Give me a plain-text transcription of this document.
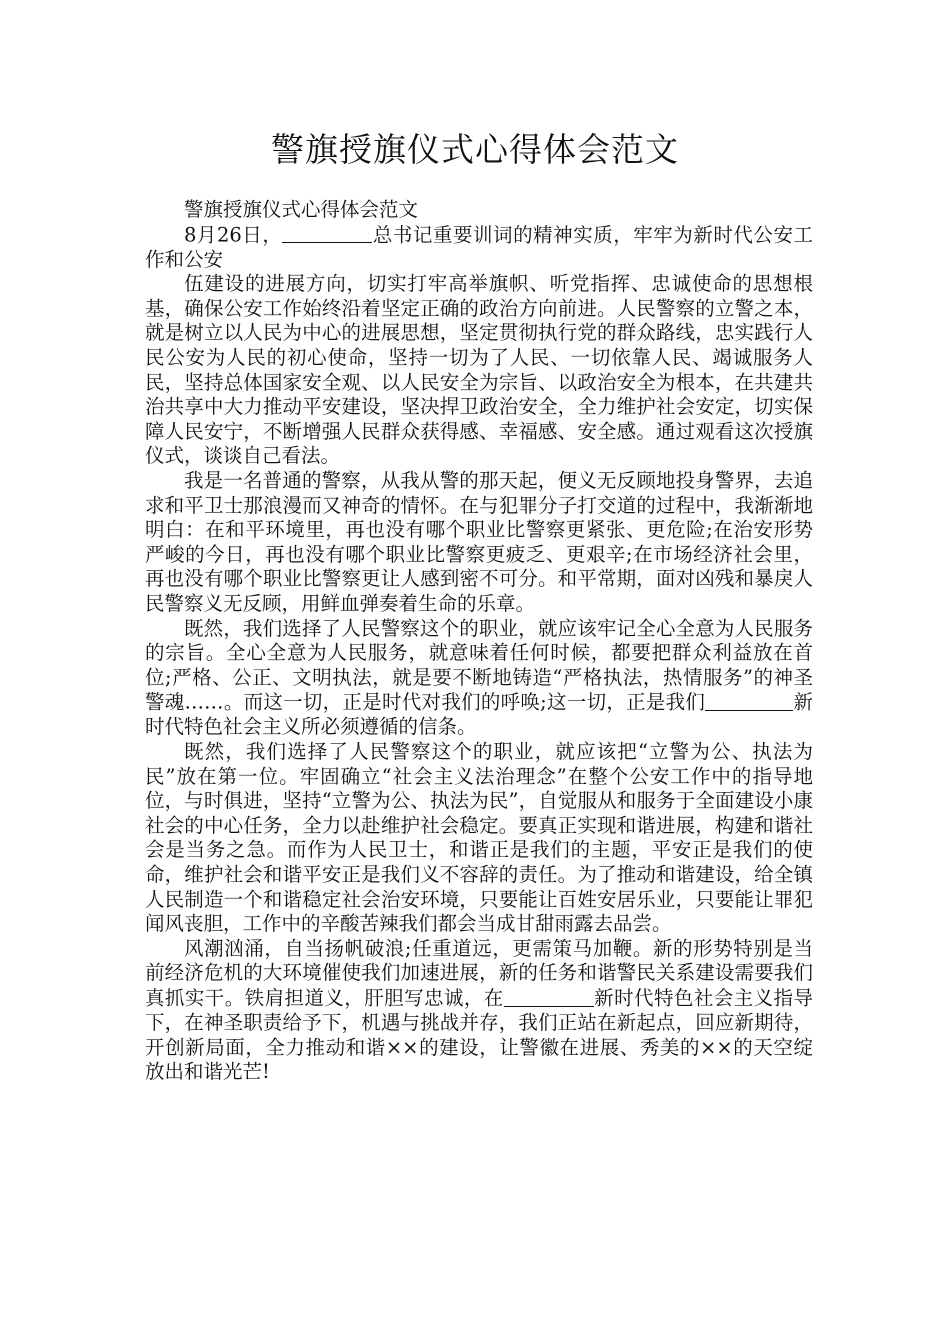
警旗授旗仪式心得体会范文

警旗授旗仪式心得体会范文

8月26日，	总书记重要训词的精神实质，牢牢为新时代公安工作和公安

伍建设的进展方向，切实打牢高举旗帜、听党指挥、忠诚使命的思想根基，确保公安工作始终沿着坚定正确的政治方向前进。人民警察的立警之本，就是树立以人民为中心的进展思想，坚定贯彻执行党的群众路线，忠实践行人民公安为人民的初心使命，坚持一切为了人民、一切依靠人民、竭诚服务人民，坚持总体国家安全观、以人民安全为宗旨、以政治安全为根本，在共建共治共享中大力推动平安建设，坚决捍卫政治安全，全力维护社会安定，切实保障人民安宁，不断增强人民群众获得感、幸福感、安全感。通过观看这次授旗仪式，谈谈自己看法。

我是一名普通的警察，从我从警的那天起，便义无反顾地投身警界，去追求和平卫士那浪漫而又神奇的情怀。在与犯罪分子打交道的过程中，我渐渐地明白：在和平环境里，再也没有哪个职业比警察更紧张、更危险;在治安形势严峻的今日，再也没有哪个职业比警察更疲乏、更艰辛;在市场经济社会里，再也没有哪个职业比警察更让人感到密不可分。和平常期，面对凶残和暴戾人民警察义无反顾，用鲜血弹奏着生命的乐章。

既然，我们选择了人民警察这个的职业，就应该牢记全心全意为人民服务的宗旨。全心全意为人民服务，就意味着任何时候，都要把群众利益放在首位;严格、公正、文明执法，就是要不断地铸造“严格执法，热情服务”的神圣警魂……。而这一切，正是时代对我们的呼唤;这一切，正是我们	新时代特色社会主义所必须遵循的信条。

既然，我们选择了人民警察这个的职业，就应该把“立警为公、执法为民”放在第一位。牢固确立“社会主义法治理念”在整个公安工作中的指导地位，与时俱进，坚持“立警为公、执法为民”，自觉服从和服务于全面建设小康社会的中心任务，全力以赴维护社会稳定。要真正实现和谐进展，构建和谐社会是当务之急。而作为人民卫士，和谐正是我们的主题，平安正是我们的使命，维护社会和谐平安正是我们义不容辞的责任。为了推动和谐建设，给全镇人民制造一个和谐稳定社会治安环境，只要能让百姓安居乐业，只要能让罪犯闻风丧胆，工作中的辛酸苦辣我们都会当成甘甜雨露去品尝。

风潮汹涌，自当扬帆破浪;任重道远，更需策马加鞭。新的形势特别是当前经济危机的大环境催使我们加速进展，新的任务和谐警民关系建设需要我们真抓实干。铁肩担道义，肝胆写忠诚，在	新时代特色社会主义指导下，在神圣职责给予下，机遇与挑战并存，我们正站在新起点，回应新期待，开创新局面，全力推动和谐××的建设，让警徽在进展、秀美的××的天空绽放出和谐光芒!
